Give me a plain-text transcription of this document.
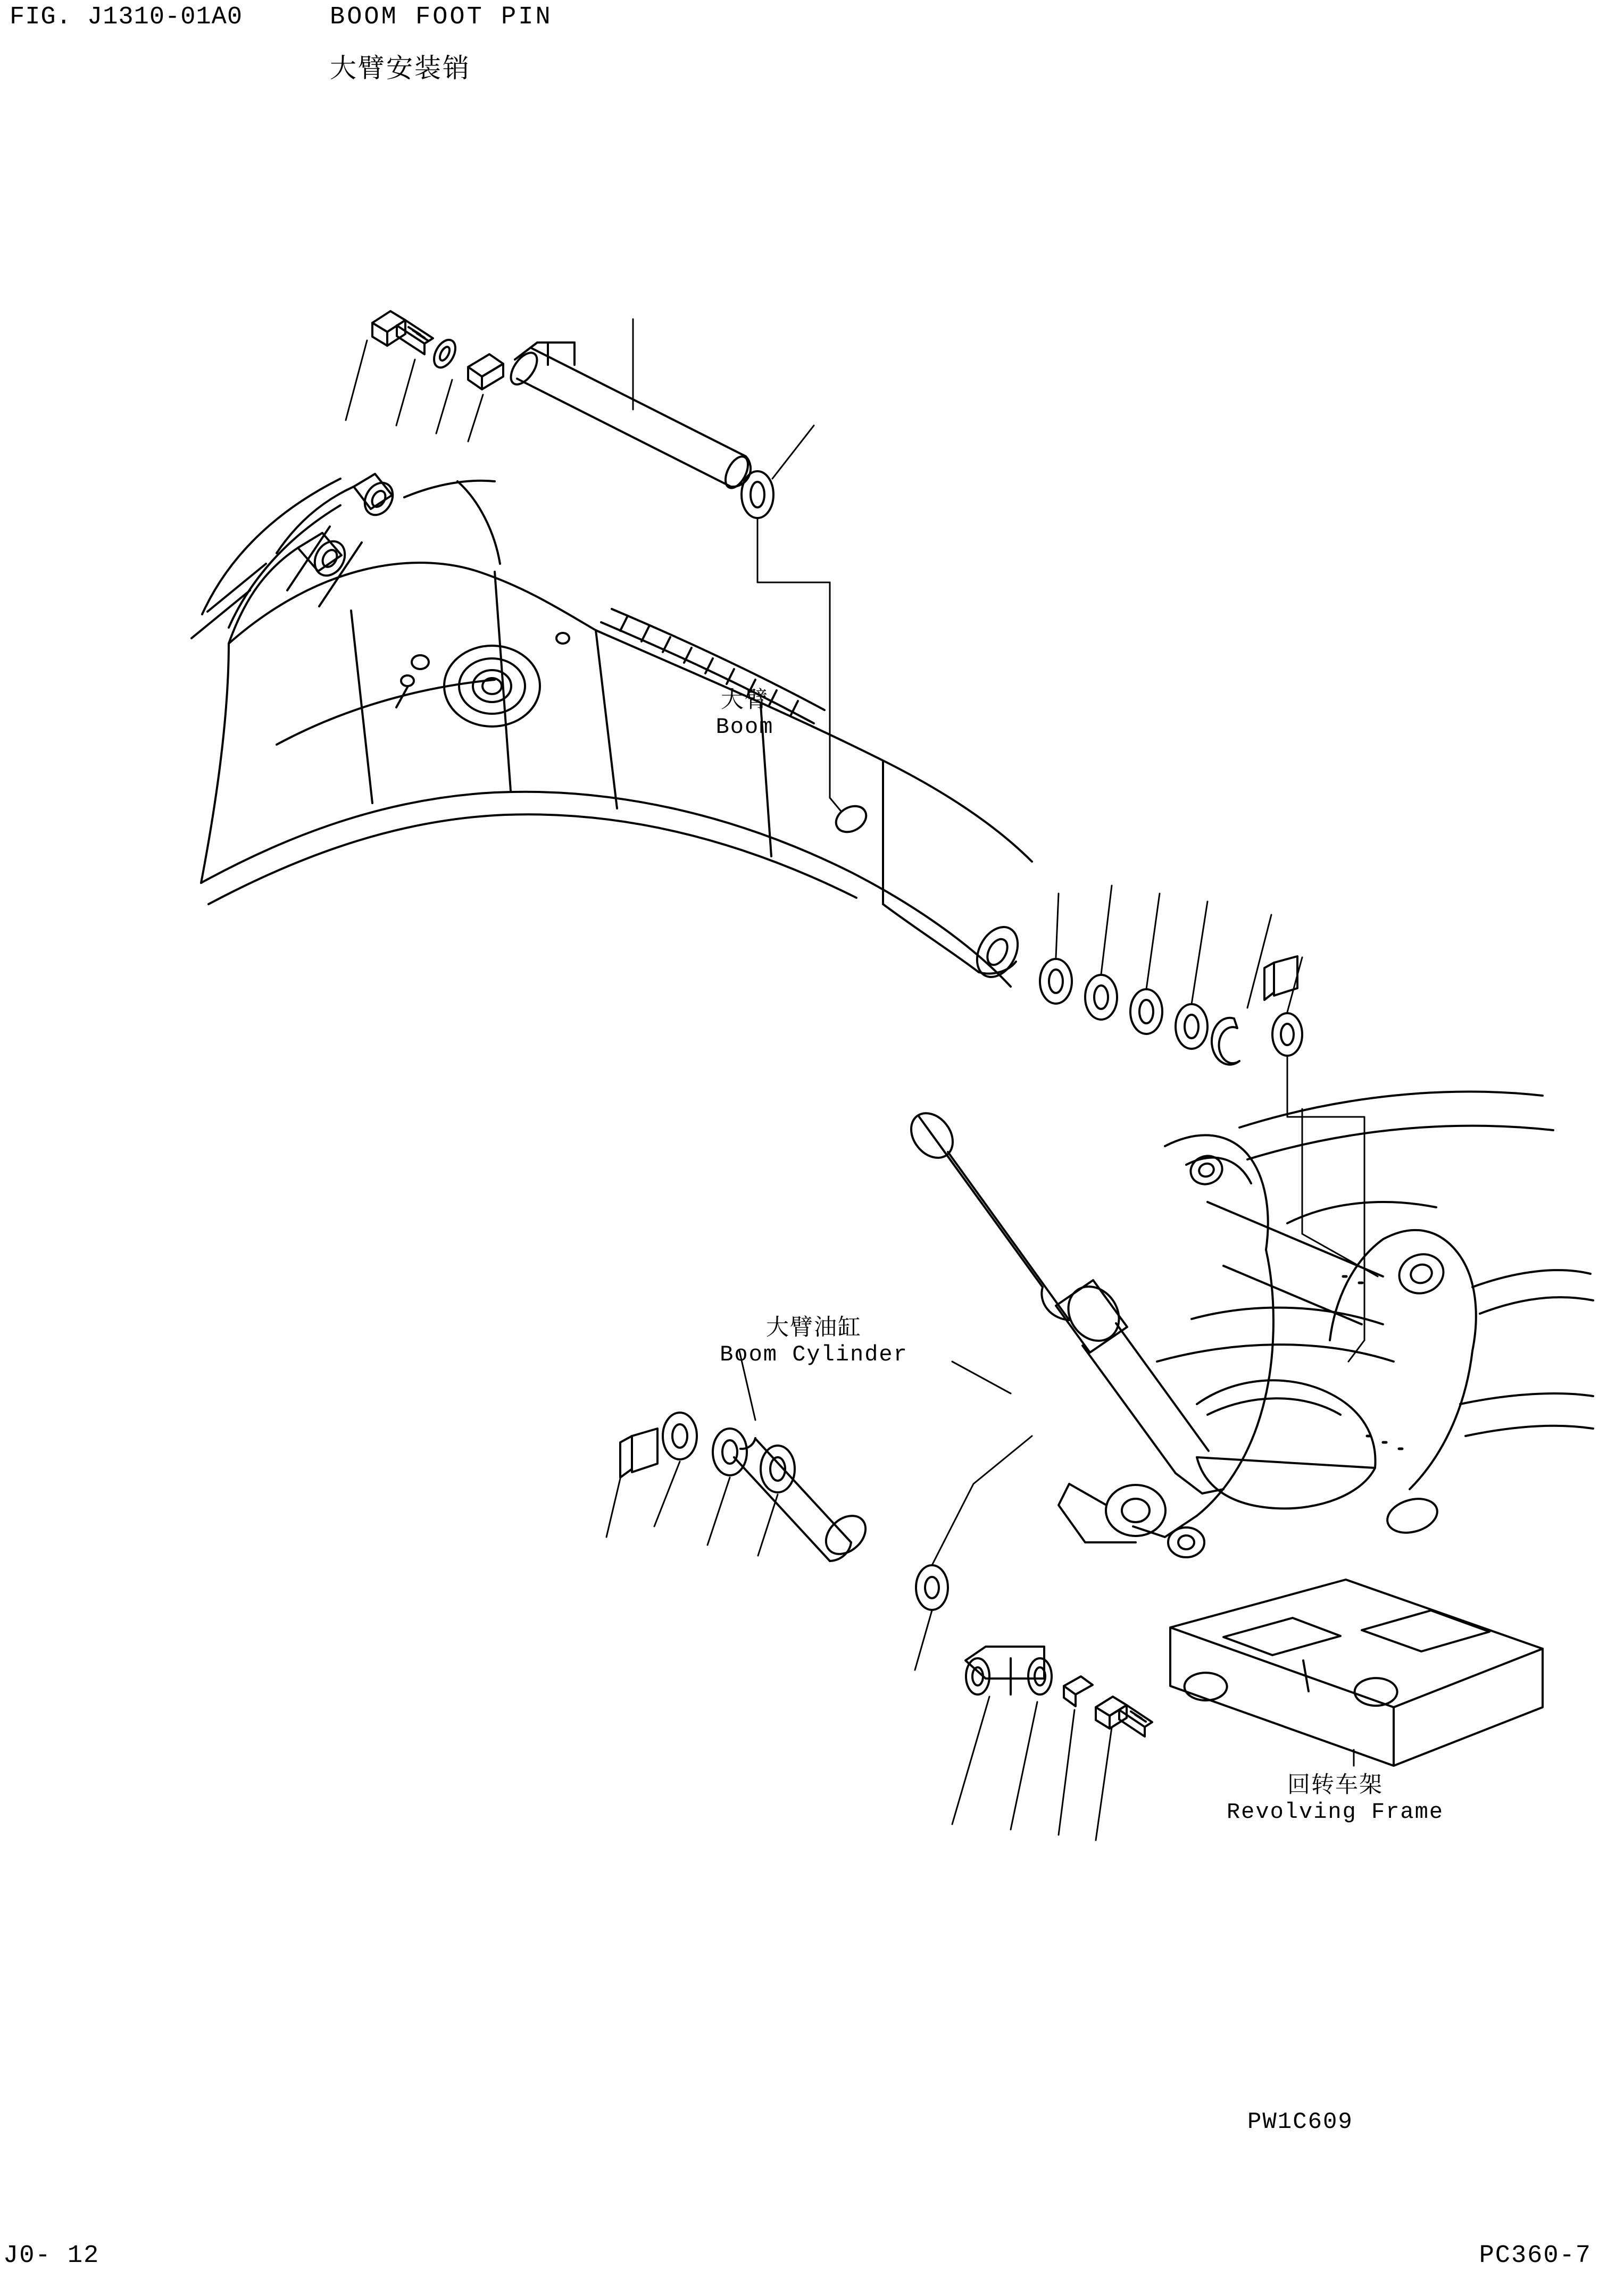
FIG. J1310-01A0	BOOM FOOT PIN
大臂安装销
大臂
Boom
大臂油缸
Boom Cylinder
回转车架
Revolving Frame
PW1C609
J0- 12	PC360-7
